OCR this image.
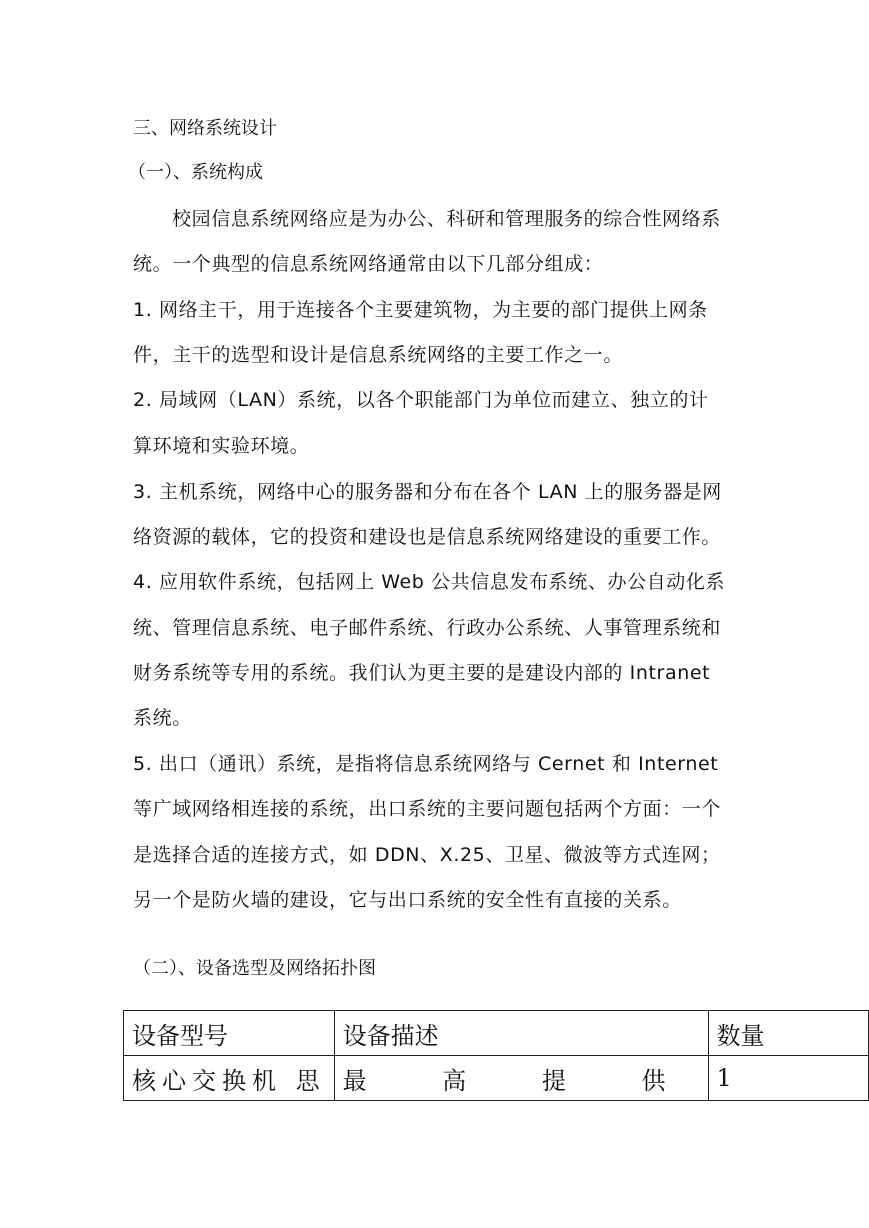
三、网络系统设计
（一）、系统构成
校园信息系统网络应是为办公、科研和管理服务的综合性网络系
统。一个典型的信息系统网络通常由以下几部分组成：
1. 网络主干，用于连接各个主要建筑物，为主要的部门提供上网条
件，主干的选型和设计是信息系统网络的主要工作之一。
2. 局域网（LAN）系统，以各个职能部门为单位而建立、独立的计
算环境和实验环境。
3. 主机系统，网络中心的服务器和分布在各个 LAN 上的服务器是网
络资源的载体，它的投资和建设也是信息系统网络建设的重要工作。
4. 应用软件系统，包括网上 Web 公共信息发布系统、办公自动化系
统、管理信息系统、电子邮件系统、行政办公系统、人事管理系统和
财务系统等专用的系统。我们认为更主要的是建设内部的 Intranet
系统。
5. 出口（通讯）系统，是指将信息系统网络与 Cernet 和 Internet
等广域网络相连接的系统，出口系统的主要问题包括两个方面：一个
是选择合适的连接方式，如 DDN、X.25、卫星、微波等方式连网；
另一个是防火墙的建设，它与出口系统的安全性有直接的关系。
（二）、设备选型及网络拓扑图
设备型号	设备描述	数量
核心交换机 思	最 高 提 供	1
